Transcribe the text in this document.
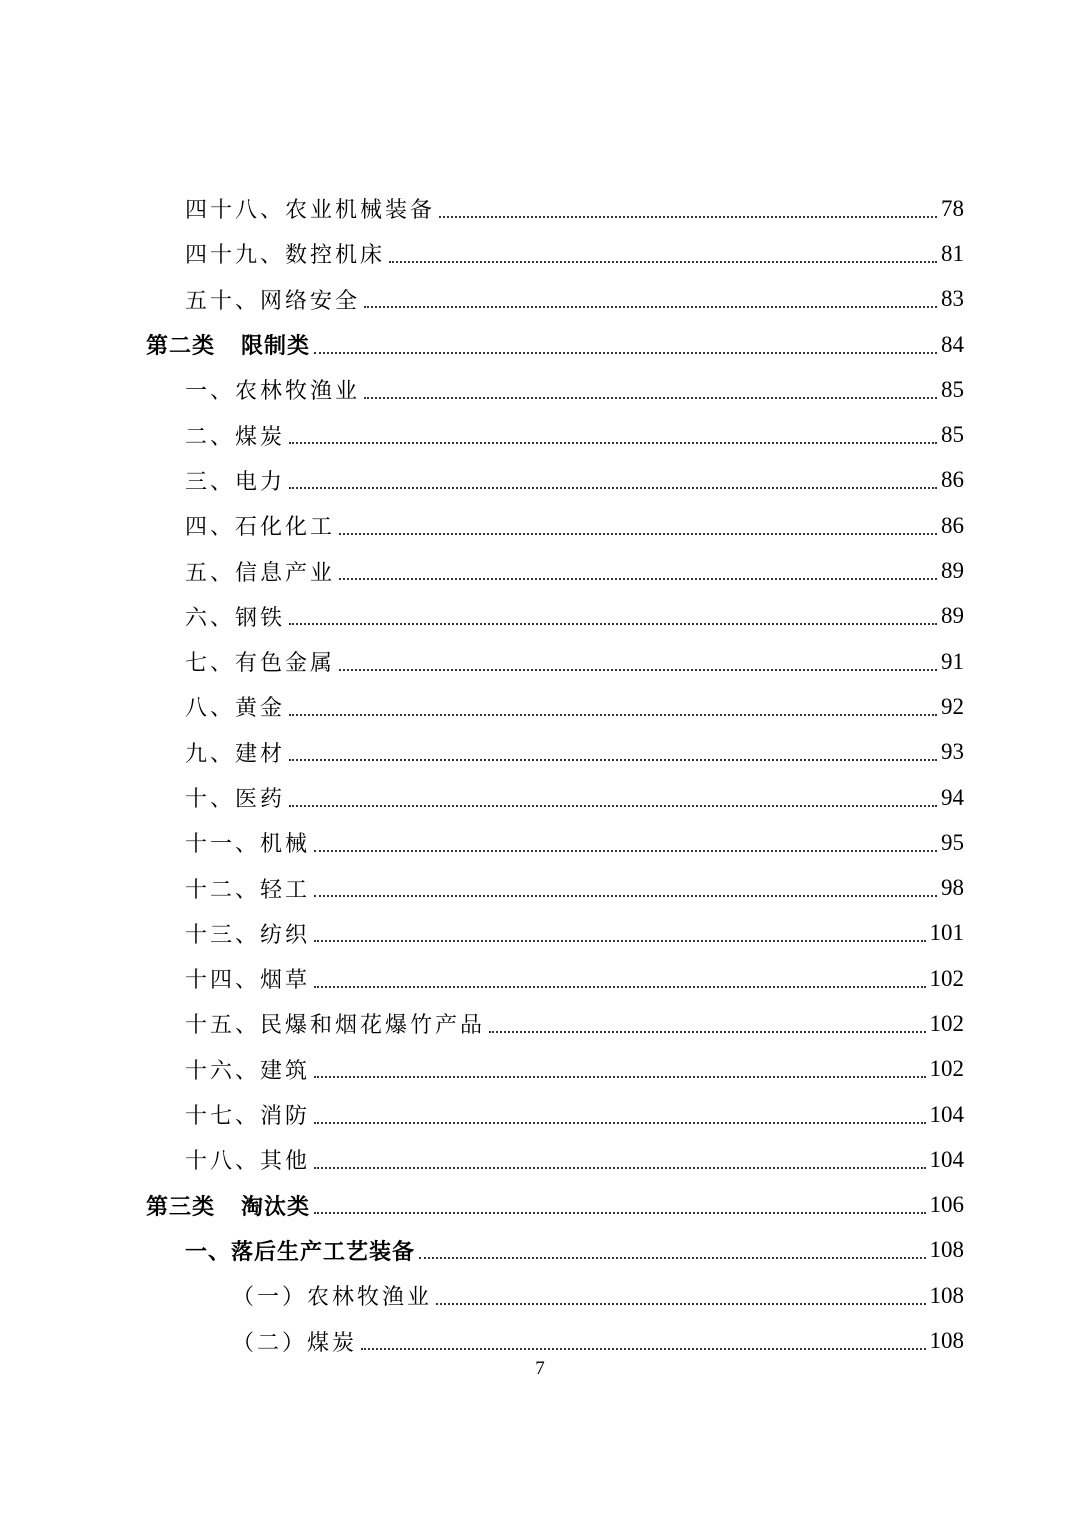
四十八、农业机械装备	78
四十九、数控机床	81
五十、网络安全	83
第二类 限制类	84
一、农林牧渔业	85
二、煤炭	85
三、电力	86
四、石化化工	86
五、信息产业	89
六、钢铁	89
七、有色金属	91
八、黄金	92
九、建材	93
十、医药	94
十一、机械	95
十二、轻工	98
十三、纺织	101
十四、烟草	102
十五、民爆和烟花爆竹产品	102
十六、建筑	102
十七、消防	104
十八、其他	104
第三类 淘汰类	106
一、落后生产工艺装备	108
（一）农林牧渔业	108
（二）煤炭	108
7
